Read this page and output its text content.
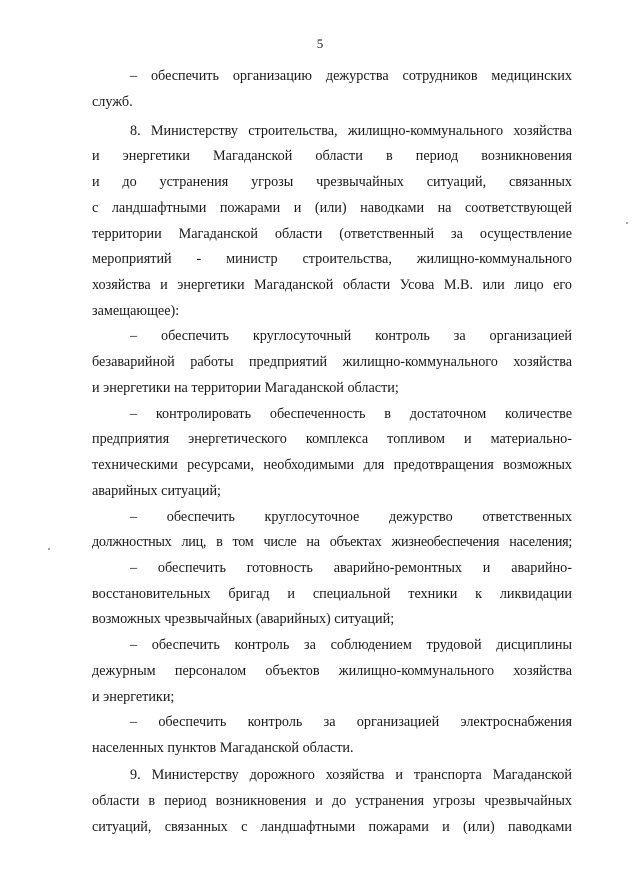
5
– обеспечить организацию дежурства сотрудников медицинских
служб.
8. Министерству строительства, жилищно-коммунального хозяйства
и энергетики Магаданской области в период возникновения
и до устранения угрозы чрезвычайных ситуаций, связанных
с ландшафтными пожарами и (или) наводками на соответствующей
территории Магаданской области (ответственный за осуществление
мероприятий - министр строительства, жилищно-коммунального
хозяйства и энергетики Магаданской области Усова М.В. или лицо его
замещающее):
– обеспечить круглосуточный контроль за организацией
безаварийной работы предприятий жилищно-коммунального хозяйства
и энергетики на территории Магаданской области;
– контролировать обеспеченность в достаточном количестве
предприятия энергетического комплекса топливом и материально-
техническими ресурсами, необходимыми для предотвращения возможных
аварийных ситуаций;
– обеспечить круглосуточное дежурство ответственных
должностных лиц, в том числе на объектах жизнеобеспечения населения;
– обеспечить готовность аварийно-ремонтных и аварийно-
восстановительных бригад и специальной техники к ликвидации
возможных чрезвычайных (аварийных) ситуаций;
– обеспечить контроль за соблюдением трудовой дисциплины
дежурным персоналом объектов жилищно-коммунального хозяйства
и энергетики;
– обеспечить контроль за организацией электроснабжения
населенных пунктов Магаданской области.
9. Министерству дорожного хозяйства и транспорта Магаданской
области в период возникновения и до устранения угрозы чрезвычайных
ситуаций, связанных с ландшафтными пожарами и (или) паводками
